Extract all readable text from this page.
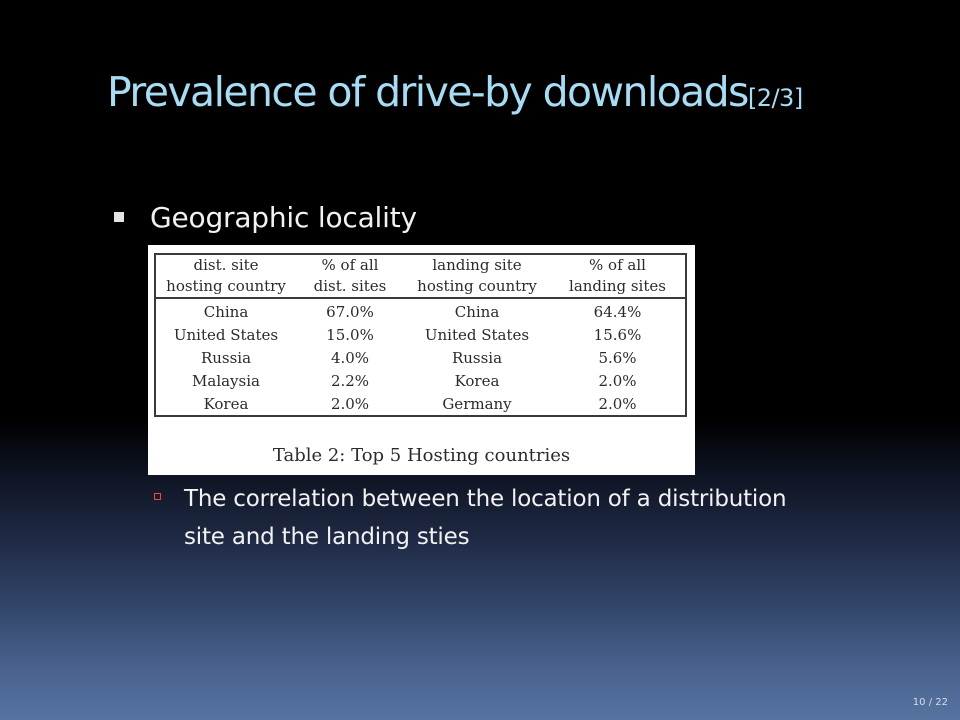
Prevalence of drive-by downloads[2/3]
Geographic locality
dist. site	% of all	landing site	% of all
hosting country	dist. sites	hosting country	landing sites
China	67.0%	China	64.4%
United States	15.0%	United States	15.6%
Russia	4.0%	Russia	5.6%
Malaysia	2.2%	Korea	2.0%
Korea	2.0%	Germany	2.0%
Table 2: Top 5 Hosting countries
The correlation between the location of a distribution site and the landing sties
10 / 22
